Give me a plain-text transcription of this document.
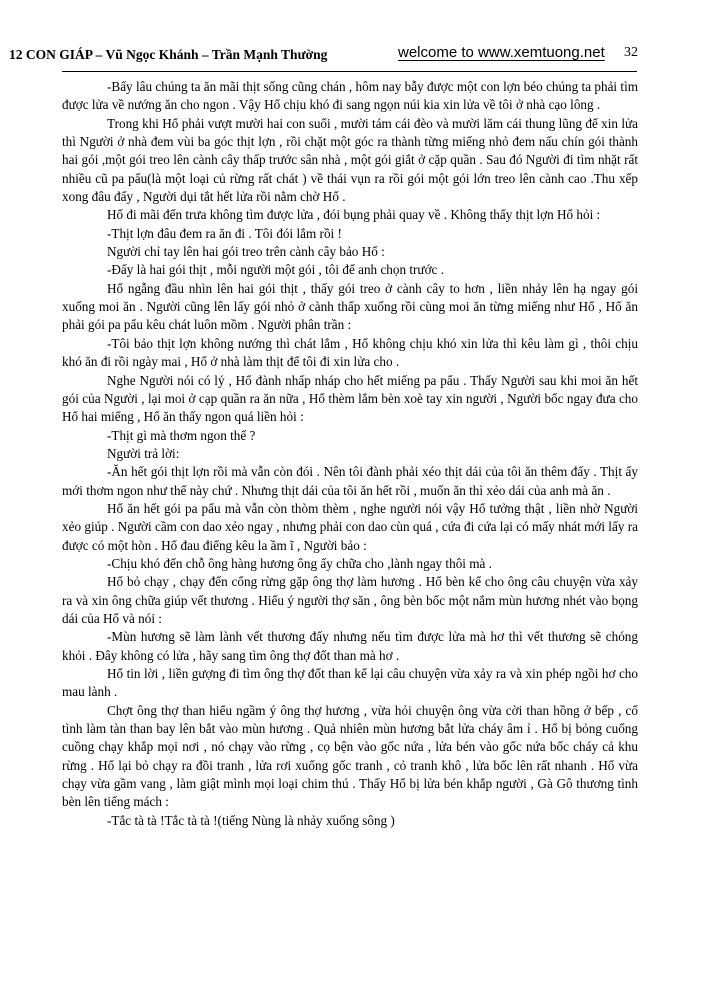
12 CON GIÁP – Vũ Ngọc Khánh – Trần Mạnh Thường	welcome to www.xemtuong.net 32

-Bấy lâu chúng ta ăn mãi thịt sống cũng chán , hôm nay bẫy được một con lợn béo chúng ta phải tìm được lửa về nướng ăn cho ngon . Vậy Hổ chịu khó đi sang ngọn núi kia xin lửa về tôi ở nhà cạo lông .

Trong khi Hổ phải vượt mười hai con suối , mười tám cái đèo và mười lăm cái thung lũng để xin lửa thì Người ở nhà đem vùi ba góc thịt lợn , rồi chặt một góc ra thành từng miếng nhỏ đem nấu chín gói thành hai gói ,một gói treo lên cành cây thấp trước sân nhà , một gói giắt ở cặp quần . Sau đó Người đi tìm nhặt rất nhiều cũ pa pẩu(là một loại củ rừng rất chát ) về thái vụn ra rồi gói một gói lớn treo lên cành cao .Thu xếp xong đâu đấy , Người dụi tắt hết lửa rồi nằm chờ Hổ .

Hổ đi mãi đến trưa không tìm được lửa , đói bụng phải quay về . Không thấy thịt lợn Hổ hỏi :

-Thịt lợn đâu đem ra ăn đi . Tôi đói lắm rồi !

Người chỉ tay lên hai gói treo trên cành cây bảo Hổ :

-Đấy là hai gói thịt , mỗi người một gói , tôi để anh chọn trước .

Hổ ngẫng đầu nhìn lên hai gói thịt , thấy gói treo ở cành cây to hơn , liền nhảy lên hạ ngay gói xuống moi ăn . Người cũng lên lấy gói nhỏ ở cành thấp xuống rồi cùng moi ăn từng miếng như Hổ , Hổ ăn phải gói pa pẩu kêu chát luôn mồm . Người phân trần :

-Tôi bảo thịt lợn không nướng thì chát lắm , Hổ không chịu khó xin lửa thì kêu làm gì , thôi chịu khó ăn đi rồi ngày mai , Hổ ở nhà làm thịt để tôi đi xin lửa cho .

Nghe Người nói có lý , Hổ đành nhấp nháp cho hết miếng pa pẩu . Thấy Người sau khi moi ăn hết gói của Người , lại moi ở cạp quần ra ăn nữa , Hổ thèm lắm bèn xoè tay xin người , Người bốc ngay đưa cho Hổ hai miếng , Hổ ăn thấy ngon quá liền hỏi :

-Thịt gì mà thơm ngon thế ?

Người trả lời:

-Ăn hết gói thịt lợn rồi mà vẫn còn đói . Nên tôi đành phải xéo thịt dái của tôi ăn thêm đấy . Thịt ấy mới thơm ngon như thế này chứ . Nhưng thịt dái của tôi ăn hết rồi , muốn ăn thì xẻo dái của anh mà ăn .

Hổ ăn hết gói pa pẩu mà vẫn còn thòm thèm , nghe người nói vậy Hổ tưởng thật , liền nhờ Người xẻo giúp . Người cầm con dao xẻo ngay , nhưng phải con dao cùn quá , cứa đi cứa lại có mấy nhát mới lấy ra được có một hòn . Hổ đau điếng kêu la ầm ĩ , Người bảo :

-Chịu khó đến chỗ ông hàng hương ông ấy chữa cho ,lành ngay thôi mà .

Hổ bỏ chạy , chạy đến cổng rừng gặp ông thợ làm hương . Hổ bèn kể cho ông câu chuyện vừa xảy ra và xin ông chữa giúp vết thương . Hiểu ý người thợ săn , ông bèn bốc một nắm mùn hương nhét vào bọng dái của Hổ và nói :

-Mùn hương sẽ làm lành vết thương đấy nhưng nếu tìm được lửa mà hơ thì vết thương sẽ chóng khỏi . Đây không có lửa , hãy sang tìm ông thợ đốt than mà hơ .

Hổ tin lời , liền gượng đi tìm ông thợ đốt than kể lại câu chuyện vừa xảy ra và xin phép ngồi hơ cho mau lành .

Chợt ông thợ than hiểu ngầm ý ông thợ hương , vừa hỏi chuyện ông vừa cời than hồng ở bếp , cố tình làm tàn than bay lên bắt vào mùn hương . Quả nhiên mùn hương bắt lửa cháy âm ỉ . Hổ bị bỏng cuống cuồng chạy khắp mọi nơi , nó chạy vào rừng , cọ bện vào gốc nứa , lửa bén vào gốc nứa bốc cháy cả khu rừng . Hổ lại bỏ chạy ra đồi tranh , lửa rơi xuống gốc tranh , cỏ tranh khô , lửa bốc lên rất nhanh . Hổ vừa chạy vừa gầm vang , làm giật mình mọi loại chim thú . Thấy Hổ bị lửa bén khắp người , Gà Gô thương tình bèn lên tiếng mách :

-Tắc tà tà !Tắc tà tà !(tiếng Nùng là nhảy xuống sông )
